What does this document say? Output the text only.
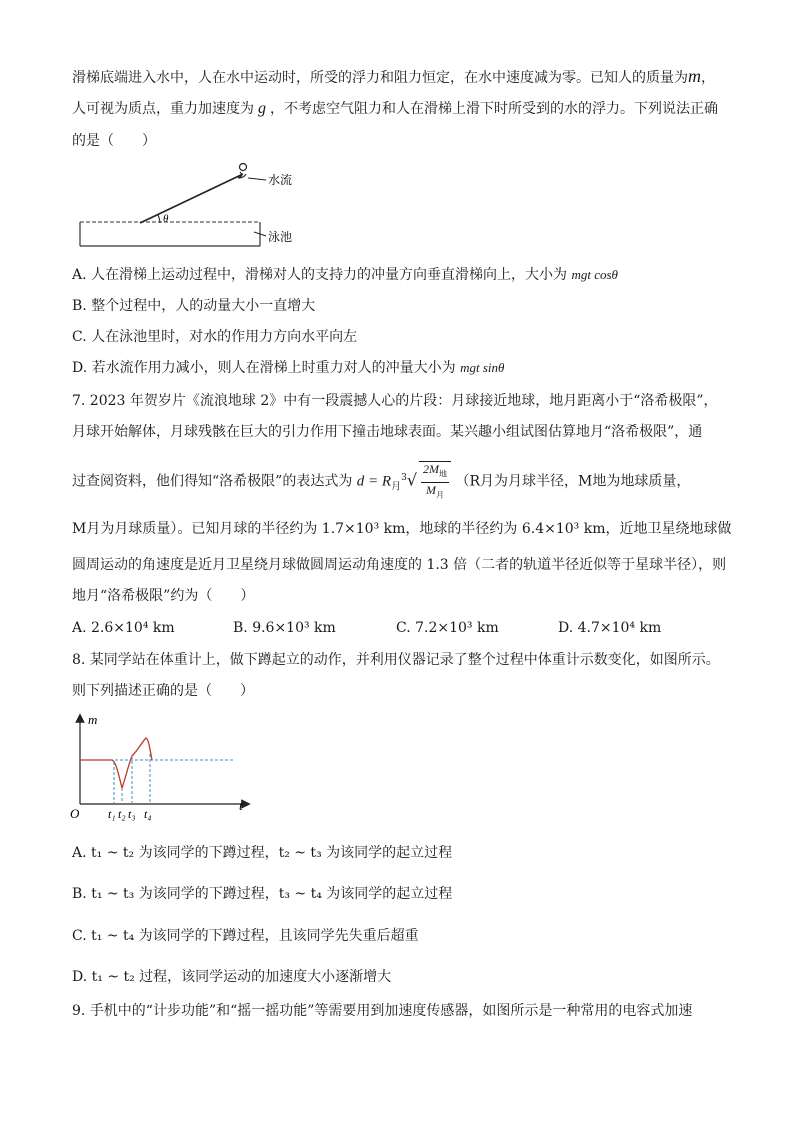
滑梯底端进入水中，人在水中运动时，所受的浮力和阻力恒定，在水中速度减为零。已知人的质量为m，
人可视为质点，重力加速度为 g ，不考虑空气阻力和人在滑梯上滑下时所受到的水的浮力。下列说法正确
的是（　　）
θ
水流
泳池
A. 人在滑梯上运动过程中，滑梯对人的支持力的冲量方向垂直滑梯向上，大小为 mgt cosθ
B. 整个过程中，人的动量大小一直增大
C. 人在泳池里时，对水的作用力方向水平向左
D. 若水流作用力减小，则人在滑梯上时重力对人的冲量大小为 mgt sinθ
7. 2023 年贺岁片《流浪地球 2》中有一段震撼人心的片段：月球接近地球，地月距离小于“洛希极限”，
月球开始解体，月球残骸在巨大的引力作用下撞击地球表面。某兴趣小组试图估算地月“洛希极限”，通
过查阅资料，他们得知“洛希极限”的表达式为 $d = R_月^3√ \frac{2M_地}{M_月} (R$月为月球半径，M地为地球质量，
M月为月球质量）。已知月球的半径约为 1.7×10³ km，地球的半径约为 6.4×10³ km，近地卫星绕地球做
圆周运动的角速度是近月卫星绕月球做圆周运动角速度的 1.3 倍（二者的轨道半径近似等于星球半径），则
地月“洛希极限”约为（　　）
A. 2.6×10⁴ km	B. 9.6×10³ km	C. 7.2×10³ km	D. 4.7×10⁴ km
8. 某同学站在体重计上，做下蹲起立的动作，并利用仪器记录了整个过程中体重计示数变化，如图所示。
则下列描述正确的是（　　）
m
t
O t₁ t₂ t₃ t₄
A. t₁ ~ t₂ 为该同学的下蹲过程，t₂ ~ t₃ 为该同学的起立过程
B. t₁ ~ t₃ 为该同学的下蹲过程，t₃ ~ t₄ 为该同学的起立过程
C. t₁ ~ t₄ 为该同学的下蹲过程，且该同学先失重后超重
D. t₁ ~ t₂ 过程，该同学运动的加速度大小逐渐增大
9. 手机中的“计步功能”和“摇一摇功能”等需要用到加速度传感器，如图所示是一种常用的电容式加速
